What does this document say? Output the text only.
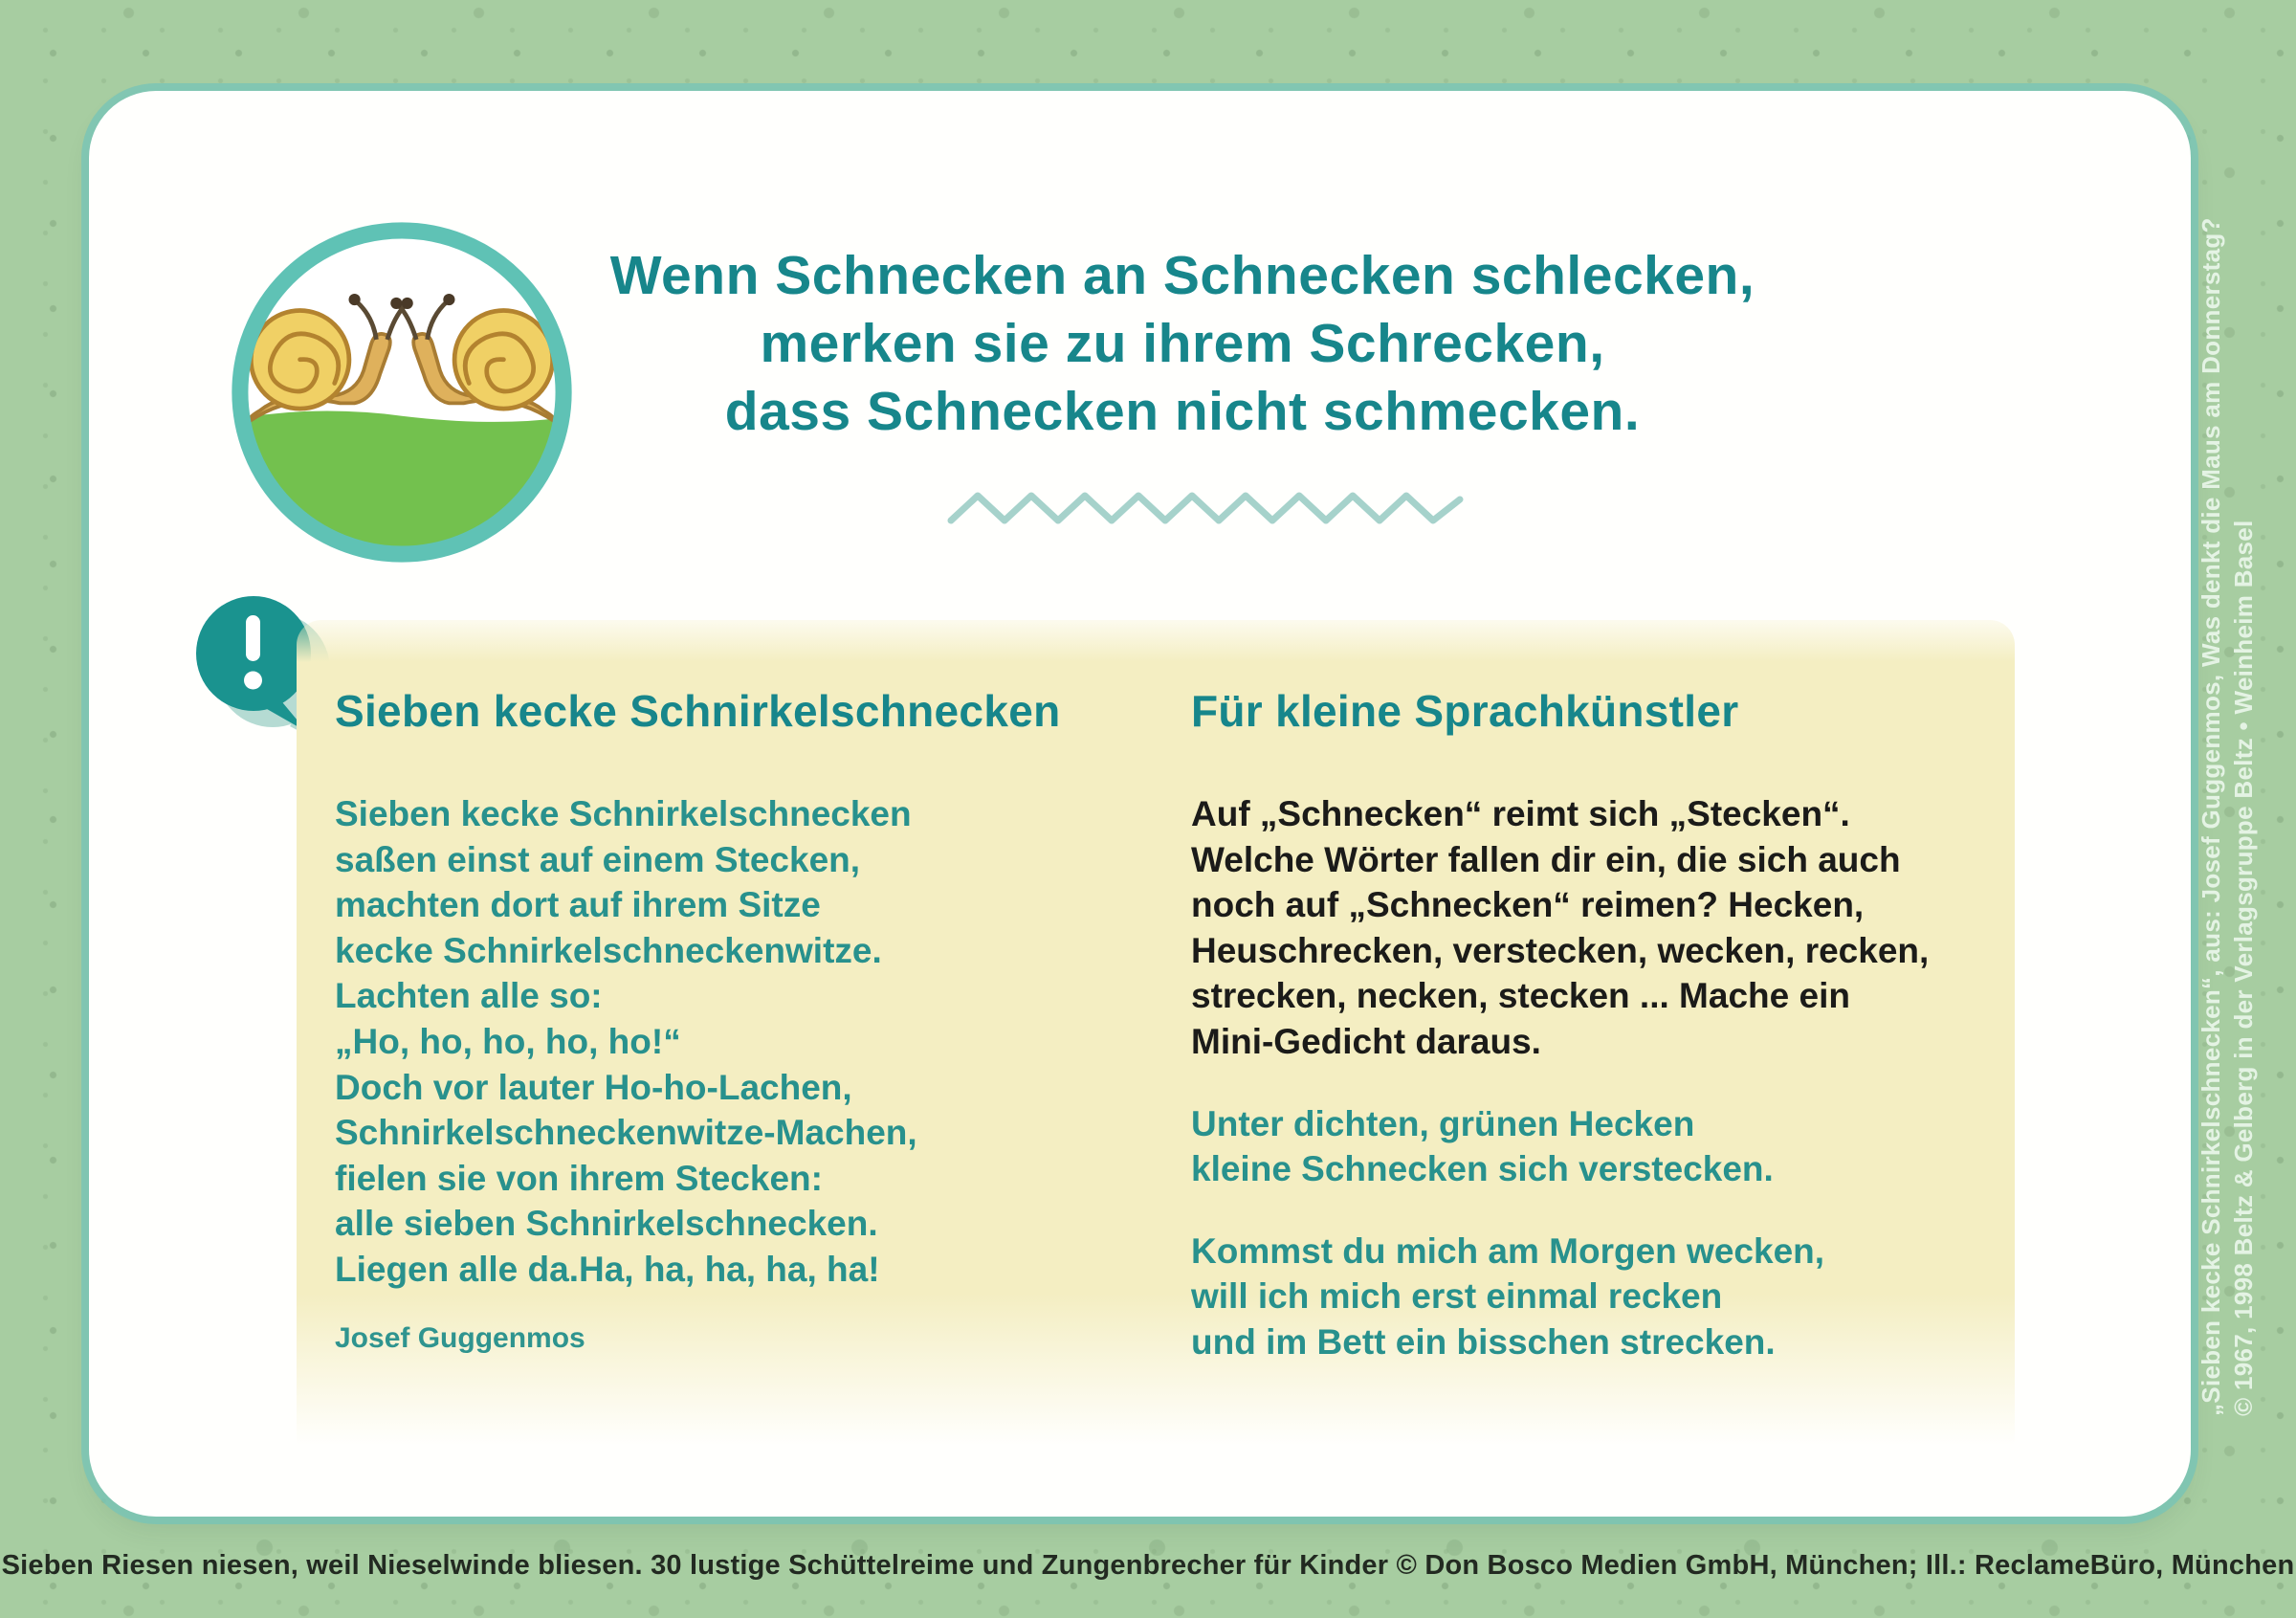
Wenn Schnecken an Schnecken schlecken,
merken sie zu ihrem Schrecken,
dass Schnecken nicht schmecken.
Sieben kecke Schnirkelschnecken

Sieben kecke Schnirkelschnecken
saßen einst auf einem Stecken,
machten dort auf ihrem Sitze
kecke Schnirkelschneckenwitze.
Lachten alle so:
„Ho, ho, ho, ho, ho!“
Doch vor lauter Ho-ho-Lachen,
Schnirkelschneckenwitze-Machen,
fielen sie von ihrem Stecken:
alle sieben Schnirkelschnecken.
Liegen alle da.Ha, ha, ha, ha, ha!

Josef Guggenmos

Für kleine Sprachkünstler

Auf „Schnecken“ reimt sich „Stecken“.
Welche Wörter fallen dir ein, die sich auch
noch auf „Schnecken“ reimen? Hecken,
Heuschrecken, verstecken, wecken, recken,
strecken, necken, stecken ... Mache ein
Mini-Gedicht daraus.

Unter dichten, grünen Hecken
kleine Schnecken sich verstecken.

Kommst du mich am Morgen wecken,
will ich mich erst einmal recken
und im Bett ein bisschen strecken.	„Sieben kecke Schnirkelschnecken“, aus: Josef Guggenmos, Was denkt die Maus am Donnerstag? © 1967, 1998 Beltz & Gelberg in der Verlagsgruppe Beltz • Weinheim Basel
Sieben Riesen niesen, weil Nieselwinde bliesen. 30 lustige Schüttelreime und Zungenbrecher für Kinder © Don Bosco Medien GmbH, München; Ill.: ReclameBüro, München
